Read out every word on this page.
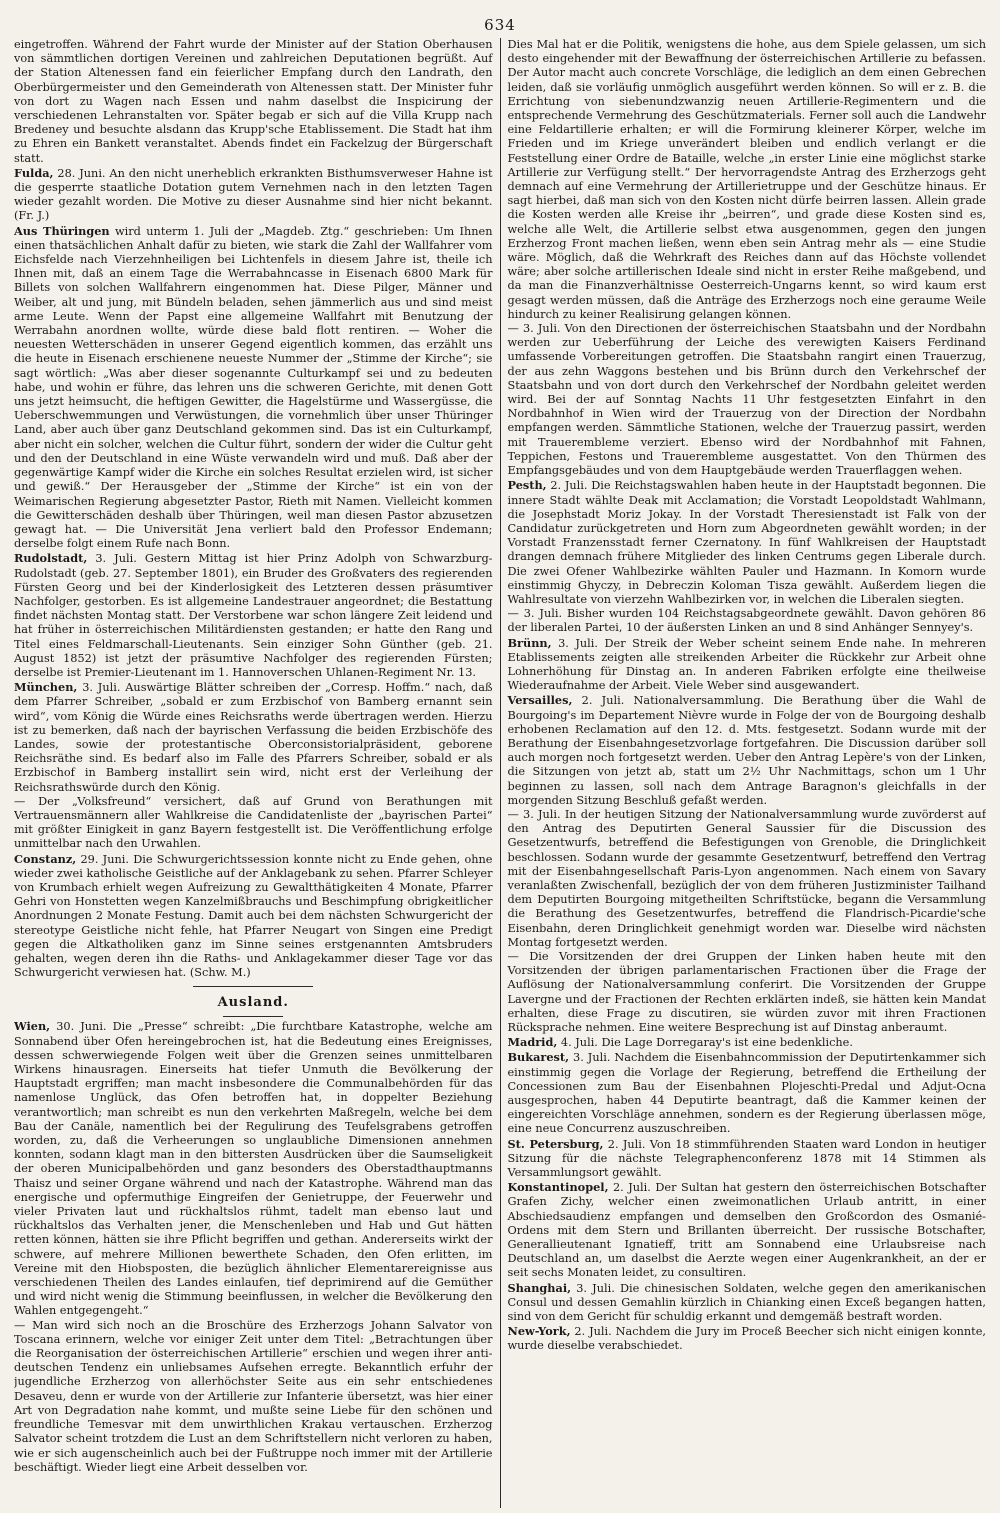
634

eingetroffen. Während der Fahrt wurde der Minister auf der Station Oberhausen von sämmtlichen dortigen Vereinen und zahlreichen Deputationen begrüßt. Auf der Station Altenessen fand ein feierlicher Empfang durch den Landrath, den Oberbürgermeister und den Gemeinderath von Altenessen statt. Der Minister fuhr von dort zu Wagen nach Essen und nahm daselbst die Inspicirung der verschiedenen Lehranstalten vor. Später begab er sich auf die Villa Krupp nach Bredeney und besuchte alsdann das Krupp'sche Etablissement. Die Stadt hat ihm zu Ehren ein Bankett veranstaltet. Abends findet ein Fackelzug der Bürgerschaft statt.

Fulda, 28. Juni. An den nicht unerheblich erkrankten Bisthumsverweser Hahne ist die gesperrte staatliche Dotation gutem Vernehmen nach in den letzten Tagen wieder gezahlt worden. Die Motive zu dieser Ausnahme sind hier nicht bekannt. (Fr. J.)

Aus Thüringen wird unterm 1. Juli der „Magdeb. Ztg.“ geschrieben: Um Ihnen einen thatsächlichen Anhalt dafür zu bieten, wie stark die Zahl der Wallfahrer vom Eichsfelde nach Vierzehnheiligen bei Lichtenfels in diesem Jahre ist, theile ich Ihnen mit, daß an einem Tage die Werrabahncasse in Eisenach 6800 Mark für Billets von solchen Wallfahrern eingenommen hat. Diese Pilger, Männer und Weiber, alt und jung, mit Bündeln beladen, sehen jämmerlich aus und sind meist arme Leute. Wenn der Papst eine allgemeine Wallfahrt mit Benutzung der Werrabahn anordnen wollte, würde diese bald flott rentiren. — Woher die neuesten Wetterschäden in unserer Gegend eigentlich kommen, das erzählt uns die heute in Eisenach erschienene neueste Nummer der „Stimme der Kirche“; sie sagt wörtlich: „Was aber dieser sogenannte Culturkampf sei und zu bedeuten habe, und wohin er führe, das lehren uns die schweren Gerichte, mit denen Gott uns jetzt heimsucht, die heftigen Gewitter, die Hagelstürme und Wassergüsse, die Ueberschwemmungen und Verwüstungen, die vornehmlich über unser Thüringer Land, aber auch über ganz Deutschland gekommen sind. Das ist ein Culturkampf, aber nicht ein solcher, welchen die Cultur führt, sondern der wider die Cultur geht und den der Deutschland in eine Wüste verwandeln wird und muß. Daß aber der gegenwärtige Kampf wider die Kirche ein solches Resultat erzielen wird, ist sicher und gewiß.“ Der Herausgeber der „Stimme der Kirche“ ist ein von der Weimarischen Regierung abgesetzter Pastor, Rieth mit Namen. Vielleicht kommen die Gewitterschäden deshalb über Thüringen, weil man diesen Pastor abzusetzen gewagt hat. — Die Universität Jena verliert bald den Professor Endemann; derselbe folgt einem Rufe nach Bonn.

Rudolstadt, 3. Juli. Gestern Mittag ist hier Prinz Adolph von Schwarzburg-Rudolstadt (geb. 27. September 1801), ein Bruder des Großvaters des regierenden Fürsten Georg und bei der Kinderlosigkeit des Letzteren dessen präsumtiver Nachfolger, gestorben. Es ist allgemeine Landestrauer angeordnet; die Bestattung findet nächsten Montag statt. Der Verstorbene war schon längere Zeit leidend und hat früher in österreichischen Militärdiensten gestanden; er hatte den Rang und Titel eines Feldmarschall-Lieutenants. Sein einziger Sohn Günther (geb. 21. August 1852) ist jetzt der präsumtive Nachfolger des regierenden Fürsten; derselbe ist Premier-Lieutenant im 1. Hannoverschen Uhlanen-Regiment Nr. 13.

München, 3. Juli. Auswärtige Blätter schreiben der „Corresp. Hoffm.“ nach, daß dem Pfarrer Schreiber, „sobald er zum Erzbischof von Bamberg ernannt sein wird“, vom König die Würde eines Reichsraths werde übertragen werden. Hierzu ist zu bemerken, daß nach der bayrischen Verfassung die beiden Erzbischöfe des Landes, sowie der protestantische Oberconsistorialpräsident, geborene Reichsräthe sind. Es bedarf also im Falle des Pfarrers Schreiber, sobald er als Erzbischof in Bamberg installirt sein wird, nicht erst der Verleihung der Reichsrathswürde durch den König.

— Der „Volksfreund“ versichert, daß auf Grund von Berathungen mit Vertrauensmännern aller Wahlkreise die Candidatenliste der „bayrischen Partei“ mit größter Einigkeit in ganz Bayern festgestellt ist. Die Veröffentlichung erfolge unmittelbar nach den Urwahlen.

Constanz, 29. Juni. Die Schwurgerichtssession konnte nicht zu Ende gehen, ohne wieder zwei katholische Geistliche auf der Anklagebank zu sehen. Pfarrer Schleyer von Krumbach erhielt wegen Aufreizung zu Gewaltthätigkeiten 4 Monate, Pfarrer Gehri von Honstetten wegen Kanzelmißbrauchs und Beschimpfung obrigkeitlicher Anordnungen 2 Monate Festung. Damit auch bei dem nächsten Schwurgericht der stereotype Geistliche nicht fehle, hat Pfarrer Neugart von Singen eine Predigt gegen die Altkatholiken ganz im Sinne seines erstgenannten Amtsbruders gehalten, wegen deren ihn die Raths- und Anklagekammer dieser Tage vor das Schwurgericht verwiesen hat. (Schw. M.)

Ausland.

Wien, 30. Juni. Die „Presse“ schreibt: „Die furchtbare Katastrophe, welche am Sonnabend über Ofen hereingebrochen ist, hat die Bedeutung eines Ereignisses, dessen schwerwiegende Folgen weit über die Grenzen seines unmittelbaren Wirkens hinausragen. Einerseits hat tiefer Unmuth die Bevölkerung der Hauptstadt ergriffen; man macht insbesondere die Communalbehörden für das namenlose Unglück, das Ofen betroffen hat, in doppelter Beziehung verantwortlich; man schreibt es nun den verkehrten Maßregeln, welche bei dem Bau der Canäle, namentlich bei der Regulirung des Teufelsgrabens getroffen worden, zu, daß die Verheerungen so unglaubliche Dimensionen annehmen konnten, sodann klagt man in den bittersten Ausdrücken über die Saumseligkeit der oberen Municipalbehörden und ganz besonders des Oberstadthauptmanns Thaisz und seiner Organe während und nach der Katastrophe. Während man das energische und opfermuthige Eingreifen der Genietruppe, der Feuerwehr und vieler Privaten laut und rückhaltslos rühmt, tadelt man ebenso laut und rückhaltslos das Verhalten jener, die Menschenleben und Hab und Gut hätten retten können, hätten sie ihre Pflicht begriffen und gethan. Andererseits wirkt der schwere, auf mehrere Millionen bewerthete Schaden, den Ofen erlitten, im Vereine mit den Hiobsposten, die bezüglich ähnlicher Elementarereignisse aus verschiedenen Theilen des Landes einlaufen, tief deprimirend auf die Gemüther und wird nicht wenig die Stimmung beeinflussen, in welcher die Bevölkerung den Wahlen entgegengeht.“

— Man wird sich noch an die Broschüre des Erzherzogs Johann Salvator von Toscana erinnern, welche vor einiger Zeit unter dem Titel: „Betrachtungen über die Reorganisation der österreichischen Artillerie“ erschien und wegen ihrer anti-deutschen Tendenz ein unliebsames Aufsehen erregte. Bekanntlich erfuhr der jugendliche Erzherzog von allerhöchster Seite aus ein sehr entschiedenes Desaveu, denn er wurde von der Artillerie zur Infanterie übersetzt, was hier einer Art von Degradation nahe kommt, und mußte seine Liebe für den schönen und freundliche Temesvar mit dem unwirthlichen Krakau vertauschen. Erzherzog Salvator scheint trotzdem die Lust an dem Schriftstellern nicht verloren zu haben, wie er sich augenscheinlich auch bei der Fußtruppe noch immer mit der Artillerie beschäftigt. Wieder liegt eine Arbeit desselben vor.

Dies Mal hat er die Politik, wenigstens die hohe, aus dem Spiele gelassen, um sich desto eingehender mit der Bewaffnung der österreichischen Artillerie zu befassen. Der Autor macht auch concrete Vorschläge, die lediglich an dem einen Gebrechen leiden, daß sie vorläufig unmöglich ausgeführt werden können. So will er z. B. die Errichtung von siebenundzwanzig neuen Artillerie-Regimentern und die entsprechende Vermehrung des Geschützmaterials. Ferner soll auch die Landwehr eine Feldartillerie erhalten; er will die Formirung kleinerer Körper, welche im Frieden und im Kriege unverändert bleiben und endlich verlangt er die Feststellung einer Ordre de Bataille, welche „in erster Linie eine möglichst starke Artillerie zur Verfügung stellt.“ Der hervorragendste Antrag des Erzherzogs geht demnach auf eine Vermehrung der Artillerietruppe und der Geschütze hinaus. Er sagt hierbei, daß man sich von den Kosten nicht dürfe beirren lassen. Allein grade die Kosten werden alle Kreise ihr „beirren“, und grade diese Kosten sind es, welche alle Welt, die Artillerie selbst etwa ausgenommen, gegen den jungen Erzherzog Front machen ließen, wenn eben sein Antrag mehr als — eine Studie wäre. Möglich, daß die Wehrkraft des Reiches dann auf das Höchste vollendet wäre; aber solche artillerischen Ideale sind nicht in erster Reihe maßgebend, und da man die Finanzverhältnisse Oesterreich-Ungarns kennt, so wird kaum erst gesagt werden müssen, daß die Anträge des Erzherzogs noch eine geraume Weile hindurch zu keiner Realisirung gelangen können.

— 3. Juli. Von den Directionen der österreichischen Staatsbahn und der Nordbahn werden zur Ueberführung der Leiche des verewigten Kaisers Ferdinand umfassende Vorbereitungen getroffen. Die Staatsbahn rangirt einen Trauerzug, der aus zehn Waggons bestehen und bis Brünn durch den Verkehrschef der Staatsbahn und von dort durch den Verkehrschef der Nordbahn geleitet werden wird. Bei der auf Sonntag Nachts 11 Uhr festgesetzten Einfahrt in den Nordbahnhof in Wien wird der Trauerzug von der Direction der Nordbahn empfangen werden. Sämmtliche Stationen, welche der Trauerzug passirt, werden mit Trauerembleme verziert. Ebenso wird der Nordbahnhof mit Fahnen, Teppichen, Festons und Trauerembleme ausgestattet. Von den Thürmen des Empfangsgebäudes und von dem Hauptgebäude werden Trauerflaggen wehen.

Pesth, 2. Juli. Die Reichstagswahlen haben heute in der Hauptstadt begonnen. Die innere Stadt wählte Deak mit Acclamation; die Vorstadt Leopoldstadt Wahlmann, die Josephstadt Moriz Jokay. In der Vorstadt Theresienstadt ist Falk von der Candidatur zurückgetreten und Horn zum Abgeordneten gewählt worden; in der Vorstadt Franzensstadt ferner Czernatony. In fünf Wahlkreisen der Hauptstadt drangen demnach frühere Mitglieder des linken Centrums gegen Liberale durch. Die zwei Ofener Wahlbezirke wählten Pauler und Hazmann. In Komorn wurde einstimmig Ghyczy, in Debreczin Koloman Tisza gewählt. Außerdem liegen die Wahlresultate von vierzehn Wahlbezirken vor, in welchen die Liberalen siegten.

— 3. Juli. Bisher wurden 104 Reichstagsabgeordnete gewählt. Davon gehören 86 der liberalen Partei, 10 der äußersten Linken an und 8 sind Anhänger Sennyey's.

Brünn, 3. Juli. Der Streik der Weber scheint seinem Ende nahe. In mehreren Etablissements zeigten alle streikenden Arbeiter die Rückkehr zur Arbeit ohne Lohnerhöhung für Dinstag an. In anderen Fabriken erfolgte eine theilweise Wiederaufnahme der Arbeit. Viele Weber sind ausgewandert.

Versailles, 2. Juli. Nationalversammlung. Die Berathung über die Wahl de Bourgoing's im Departement Nièvre wurde in Folge der von de Bourgoing deshalb erhobenen Reclamation auf den 12. d. Mts. festgesetzt. Sodann wurde mit der Berathung der Eisenbahngesetzvorlage fortgefahren. Die Discussion darüber soll auch morgen noch fortgesetzt werden. Ueber den Antrag Lepère's von der Linken, die Sitzungen von jetzt ab, statt um 2½ Uhr Nachmittags, schon um 1 Uhr beginnen zu lassen, soll nach dem Antrage Baragnon's gleichfalls in der morgenden Sitzung Beschluß gefaßt werden.

— 3. Juli. In der heutigen Sitzung der Nationalversammlung wurde zuvörderst auf den Antrag des Deputirten General Saussier für die Discussion des Gesetzentwurfs, betreffend die Befestigungen von Grenoble, die Dringlichkeit beschlossen. Sodann wurde der gesammte Gesetzentwurf, betreffend den Vertrag mit der Eisenbahngesellschaft Paris-Lyon angenommen. Nach einem von Savary veranlaßten Zwischenfall, bezüglich der von dem früheren Justizminister Tailhand dem Deputirten Bourgoing mitgetheilten Schriftstücke, begann die Versammlung die Berathung des Gesetzentwurfes, betreffend die Flandrisch-Picardie'sche Eisenbahn, deren Dringlichkeit genehmigt worden war. Dieselbe wird nächsten Montag fortgesetzt werden.

— Die Vorsitzenden der drei Gruppen der Linken haben heute mit den Vorsitzenden der übrigen parlamentarischen Fractionen über die Frage der Auflösung der Nationalversammlung conferirt. Die Vorsitzenden der Gruppe Lavergne und der Fractionen der Rechten erklärten indeß, sie hätten kein Mandat erhalten, diese Frage zu discutiren, sie würden zuvor mit ihren Fractionen Rücksprache nehmen. Eine weitere Besprechung ist auf Dinstag anberaumt.

Madrid, 4. Juli. Die Lage Dorregaray's ist eine bedenkliche.

Bukarest, 3. Juli. Nachdem die Eisenbahncommission der Deputirtenkammer sich einstimmig gegen die Vorlage der Regierung, betreffend die Ertheilung der Concessionen zum Bau der Eisenbahnen Plojeschti-Predal und Adjut-Ocna ausgesprochen, haben 44 Deputirte beantragt, daß die Kammer keinen der eingereichten Vorschläge annehmen, sondern es der Regierung überlassen möge, eine neue Concurrenz auszuschreiben.

St. Petersburg, 2. Juli. Von 18 stimmführenden Staaten ward London in heutiger Sitzung für die nächste Telegraphenconferenz 1878 mit 14 Stimmen als Versammlungsort gewählt.

Konstantinopel, 2. Juli. Der Sultan hat gestern den österreichischen Botschafter Grafen Zichy, welcher einen zweimonatlichen Urlaub antritt, in einer Abschiedsaudienz empfangen und demselben den Großcordon des Osmanié-Ordens mit dem Stern und Brillanten überreicht. Der russische Botschafter, Generallieutenant Ignatieff, tritt am Sonnabend eine Urlaubsreise nach Deutschland an, um daselbst die Aerzte wegen einer Augenkrankheit, an der er seit sechs Monaten leidet, zu consultiren.

Shanghai, 3. Juli. Die chinesischen Soldaten, welche gegen den amerikanischen Consul und dessen Gemahlin kürzlich in Chianking einen Exceß begangen hatten, sind von dem Gericht für schuldig erkannt und demgemäß bestraft worden.

New-York, 2. Juli. Nachdem die Jury im Proceß Beecher sich nicht einigen konnte, wurde dieselbe verabschiedet.
